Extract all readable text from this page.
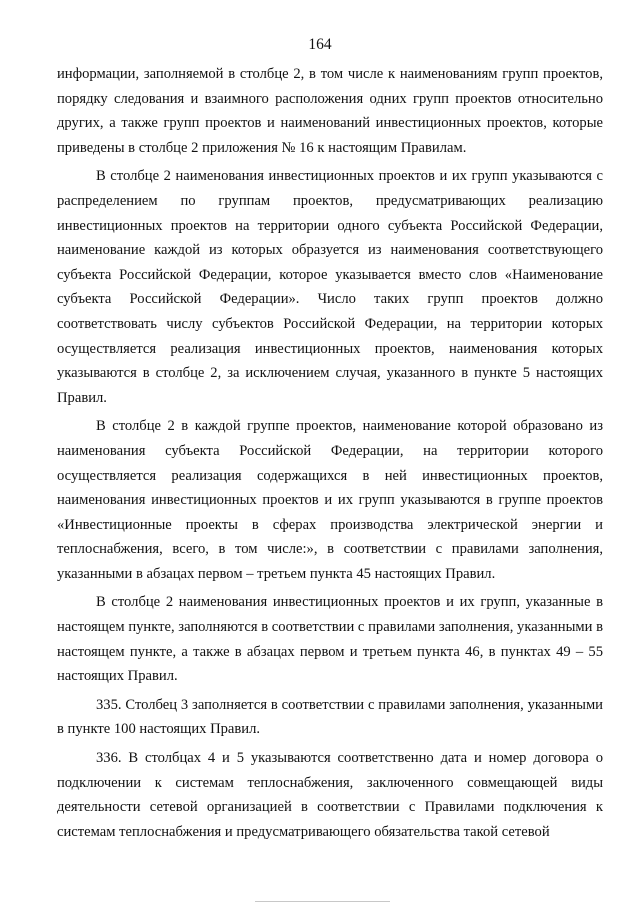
164

информации, заполняемой в столбце 2, в том числе к наименованиям групп проектов, порядку следования и взаимного расположения одних групп проектов относительно других, а также групп проектов и наименований инвестиционных проектов, которые приведены в столбце 2 приложения № 16 к настоящим Правилам.

В столбце 2 наименования инвестиционных проектов и их групп указываются с распределением по группам проектов, предусматривающих реализацию инвестиционных проектов на территории одного субъекта Российской Федерации, наименование каждой из которых образуется из наименования соответствующего субъекта Российской Федерации, которое указывается вместо слов «Наименование субъекта Российской Федерации». Число таких групп проектов должно соответствовать числу субъектов Российской Федерации, на территории которых осуществляется реализация инвестиционных проектов, наименования которых указываются в столбце 2, за исключением случая, указанного в пункте 5 настоящих Правил.

В столбце 2 в каждой группе проектов, наименование которой образовано из наименования субъекта Российской Федерации, на территории которого осуществляется реализация содержащихся в ней инвестиционных проектов, наименования инвестиционных проектов и их групп указываются в группе проектов «Инвестиционные проекты в сферах производства электрической энергии и теплоснабжения, всего, в том числе:», в соответствии с правилами заполнения, указанными в абзацах первом – третьем пункта 45 настоящих Правил.

В столбце 2 наименования инвестиционных проектов и их групп, указанные в настоящем пункте, заполняются в соответствии с правилами заполнения, указанными в настоящем пункте, а также в абзацах первом и третьем пункта 46, в пунктах 49 – 55 настоящих Правил.

335. Столбец 3 заполняется в соответствии с правилами заполнения, указанными в пункте 100 настоящих Правил.

336. В столбцах 4 и 5 указываются соответственно дата и номер договора о подключении к системам теплоснабжения, заключенного совмещающей виды деятельности сетевой организацией в соответствии с Правилами подключения к системам теплоснабжения и предусматривающего обязательства такой сетевой
